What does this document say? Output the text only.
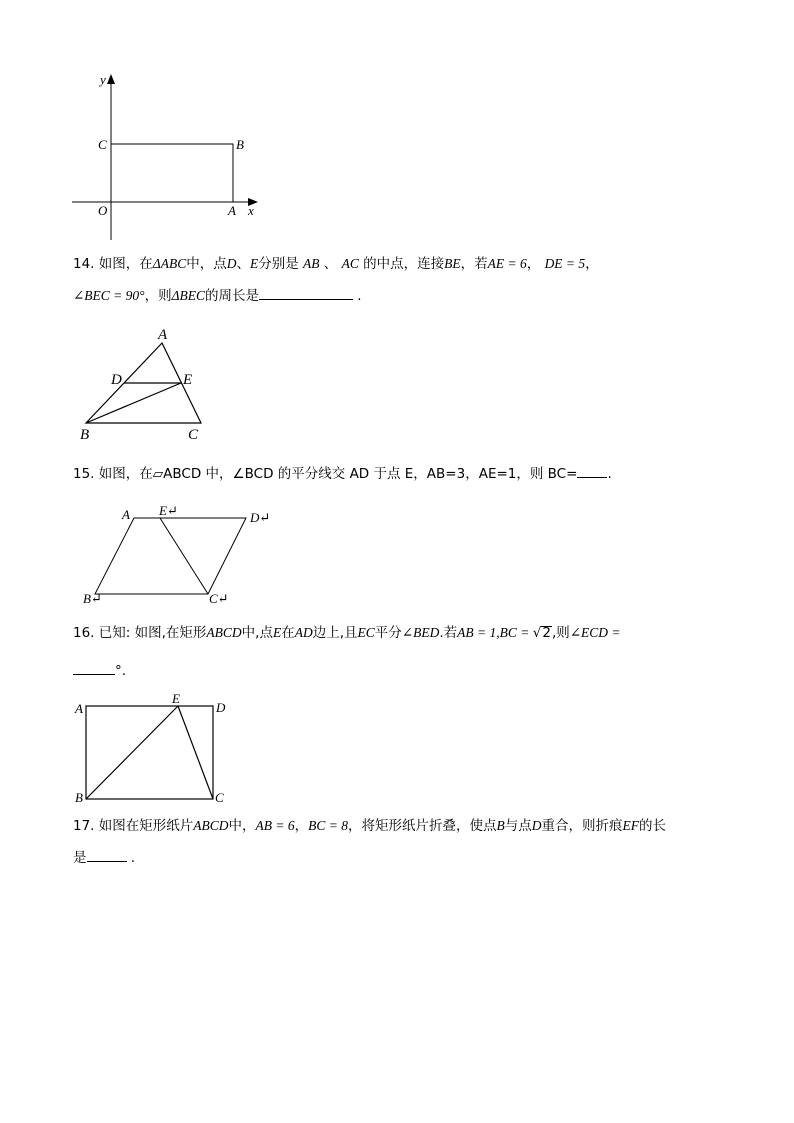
y
x
O
C	B
A
14. 如图，在ΔABC中，点D、E分别是 AB 、 AC 的中点，连接BE，若AE = 6， DE = 5，
∠BEC = 90°，则ΔBEC的周长是	.
A
D	E
B	C
15. 如图，在▱ABCD 中，∠BCD 的平分线交 AD 于点 E，AB=3，AE=1，则 BC= .
A E↵	D↵
B↵	C↵
16. 已知: 如图,在矩形ABCD中,点E在AD边上,且EC平分∠BED.若AB = 1,BC = √2,则∠ECD =
°.
A
E
D
B	C
17. 如图在矩形纸片ABCD中，AB = 6，BC = 8，将矩形纸片折叠，使点B与点D重合，则折痕EF的长
是	.
